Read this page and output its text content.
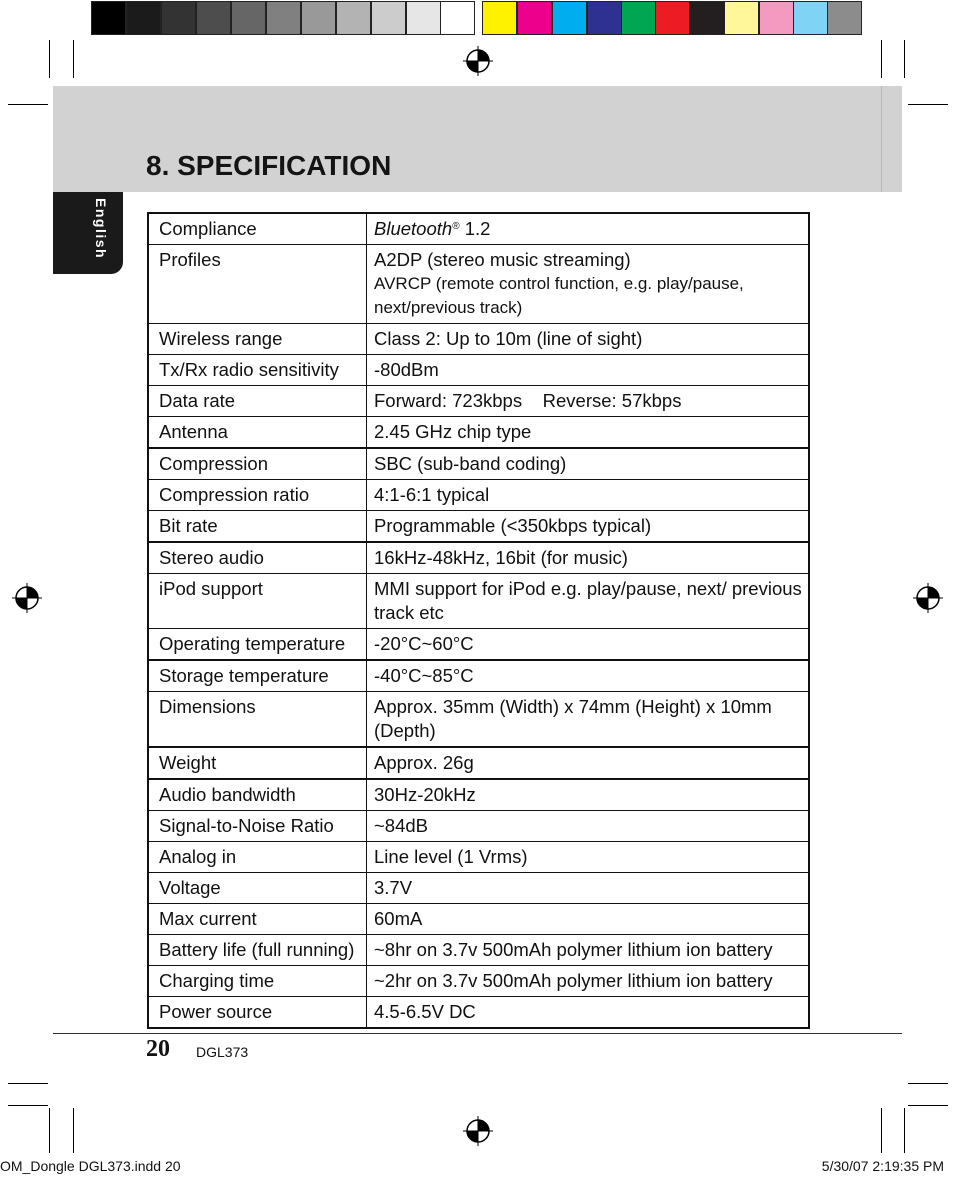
8. SPECIFICATION
English	Compliance	Bluetooth® 1.2
Profiles	A2DP (stereo music streaming)
AVRCP (remote control function, e.g. play/pause, next/previous track)

Wireless range	Class 2: Up to 10m (line of sight)
Tx/Rx radio sensitivity	-80dBm
Data rate	Forward: 723kbps    Reverse: 57kbps
Antenna	2.45 GHz chip type
Compression	SBC (sub-band coding)
Compression ratio	4:1-6:1 typical
Bit rate	Programmable (<350kbps typical)
Stereo audio	16kHz-48kHz, 16bit (for music)
iPod support	MMI support for iPod e.g. play/pause, next/ previous track etc
Operating temperature	-20°C~60°C
Storage temperature	-40°C~85°C
Dimensions	Approx. 35mm (Width) x 74mm (Height) x 10mm (Depth)
Weight	Approx. 26g
Audio bandwidth	30Hz-20kHz
Signal-to-Noise Ratio	~84dB
Analog in	Line level (1 Vrms)
Voltage	3.7V
Max current	60mA
Battery life (full running)	~8hr on 3.7v 500mAh polymer lithium ion battery
Charging time	~2hr on 3.7v 500mAh polymer lithium ion battery
Power source	4.5-6.5V DC
20 DGL373
OM_Dongle DGL373.indd 20	5/30/07 2:19:35 PM
